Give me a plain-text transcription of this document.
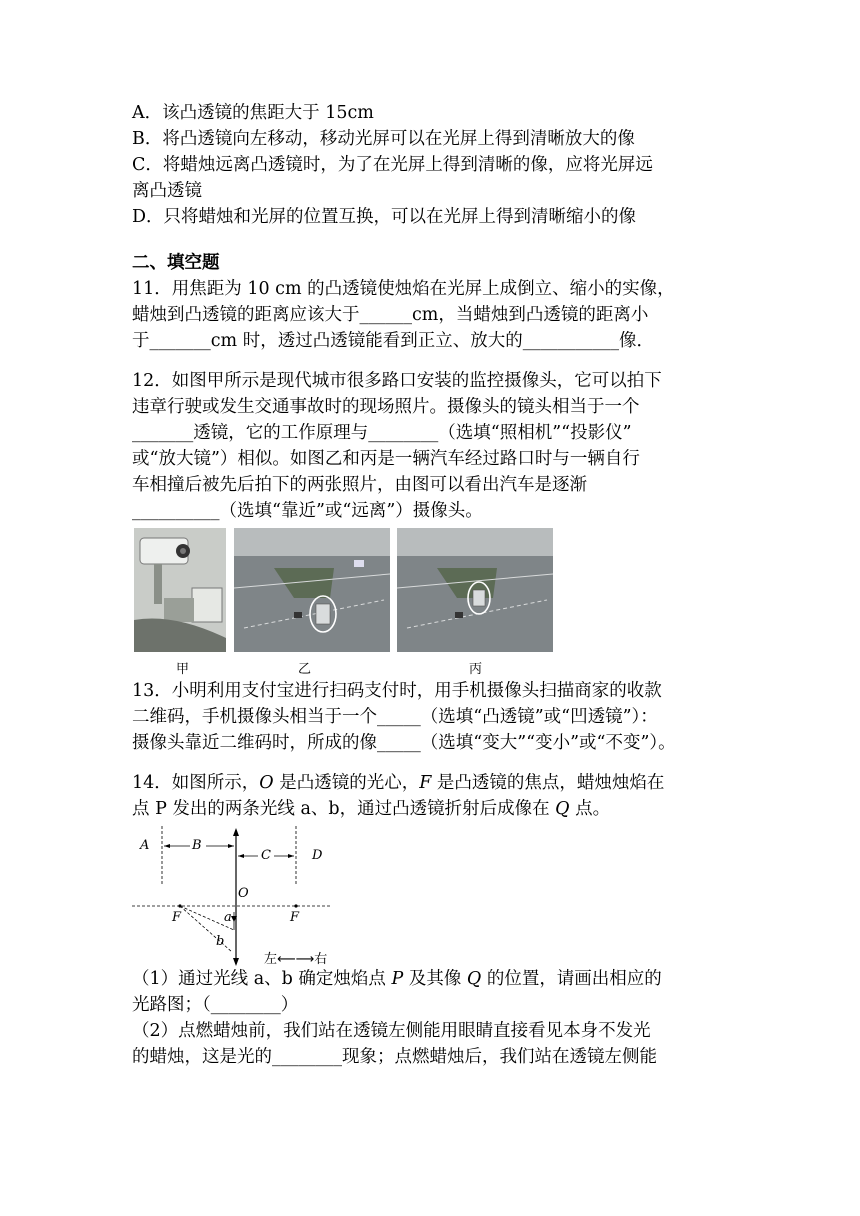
A．该凸透镜的焦距大于 15cm
B．将凸透镜向左移动，移动光屏可以在光屏上得到清晰放大的像
C．将蜡烛远离凸透镜时，为了在光屏上得到清晰的像，应将光屏远
离凸透镜
D．只将蜡烛和光屏的位置互换，可以在光屏上得到清晰缩小的像
二、填空题
11．用焦距为 10 cm 的凸透镜使烛焰在光屏上成倒立、缩小的实像，
蜡烛到凸透镜的距离应该大于______cm，当蜡烛到凸透镜的距离小
于_______cm 时，透过凸透镜能看到正立、放大的___________像．
12．如图甲所示是现代城市很多路口安装的监控摄像头，它可以拍下
违章行驶或发生交通事故时的现场照片。摄像头的镜头相当于一个
_______透镜，它的工作原理与________（选填“照相机”“投影仪”
或“放大镜”）相似。如图乙和丙是一辆汽车经过路口时与一辆自行
车相撞后被先后拍下的两张照片，由图可以看出汽车是逐渐
__________（选填“靠近”或“远离”）摄像头。
甲	乙	丙
13．小明利用支付宝进行扫码支付时，用手机摄像头扫描商家的收款
二维码，手机摄像头相当于一个_____（选填“凸透镜”或“凹透镜”）：
摄像头靠近二维码时，所成的像_____（选填“变大”“变小”或“不变”）。
14．如图所示，O 是凸透镜的光心，F 是凸透镜的焦点，蜡烛烛焰在
点 P 发出的两条光线 a、b，通过凸透镜折射后成像在 Q 点。
A	B
C	D
O
F	F
a
b
左⟵⟶右
（1）通过光线 a、b 确定烛焰点 P 及其像 Q 的位置，请画出相应的
光路图；（________）
（2）点燃蜡烛前，我们站在透镜左侧能用眼睛直接看见本身不发光
的蜡烛，这是光的________现象；点燃蜡烛后，我们站在透镜左侧能
